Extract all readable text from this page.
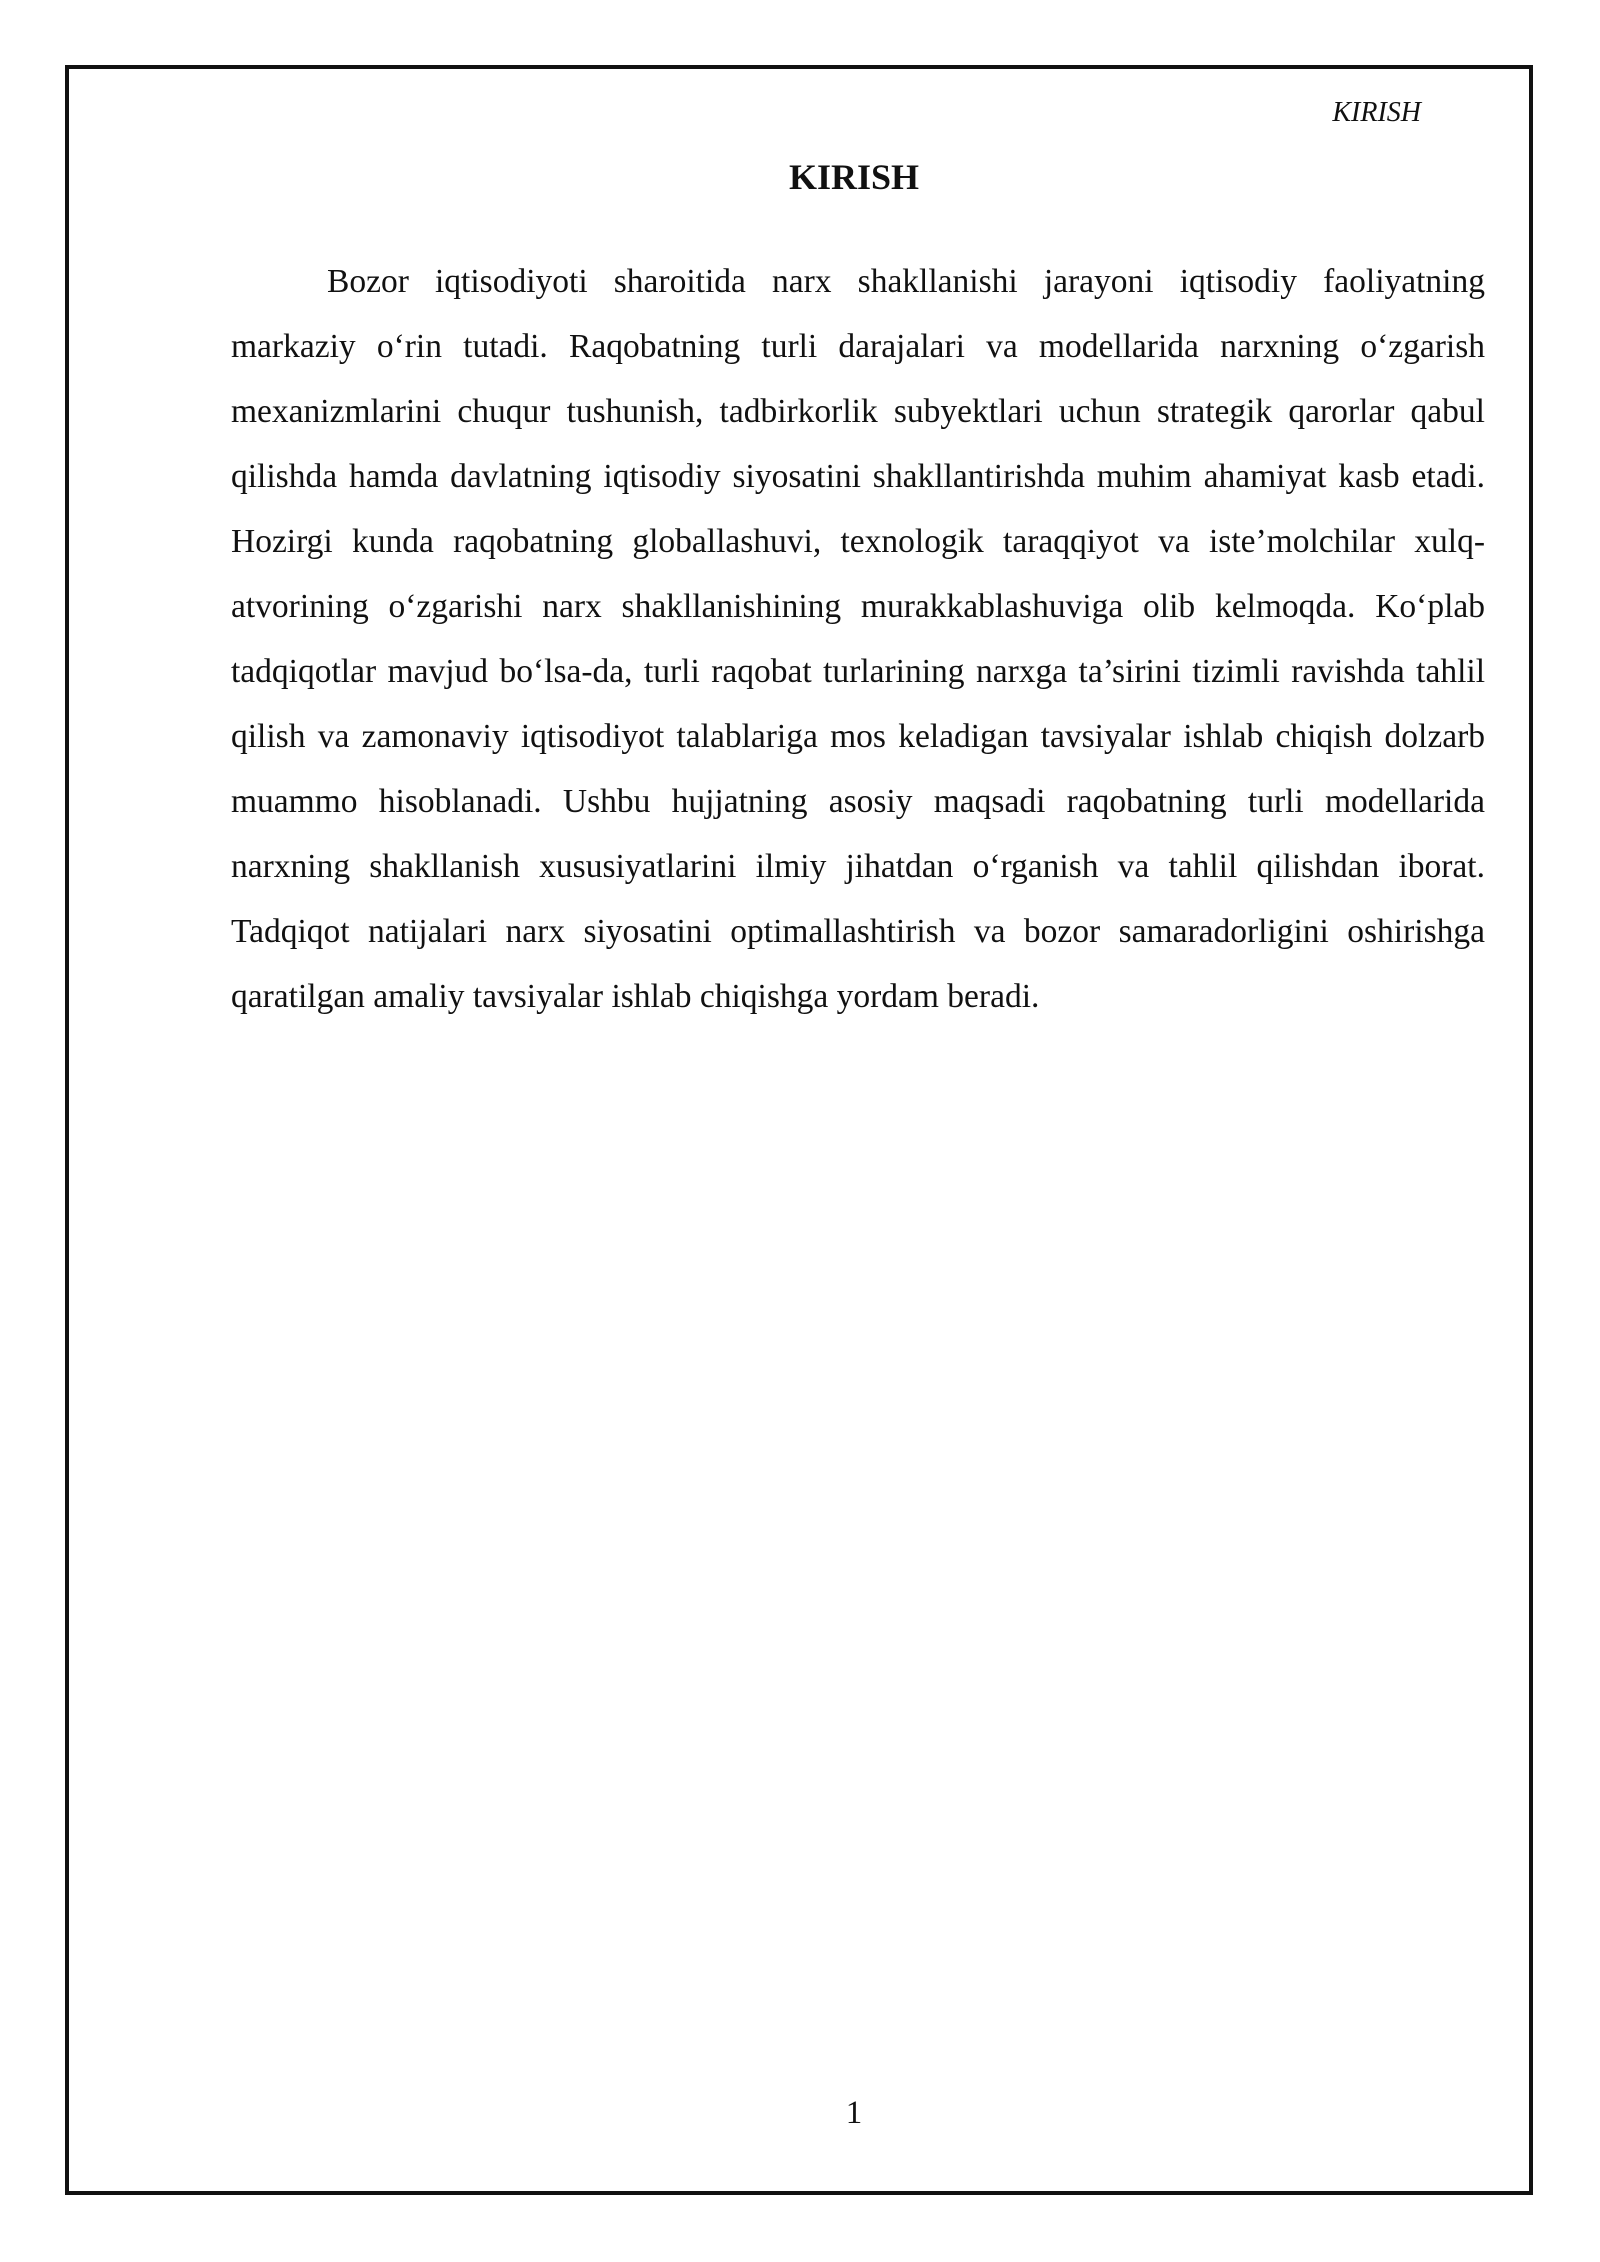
KIRISH
KIRISH

Bozor iqtisodiyoti sharoitida narx shakllanishi jarayoni iqtisodiy faoliyatning markaziy o‘rin tutadi. Raqobatning turli darajalari va modellarida narxning o‘zgarish mexanizmlarini chuqur tushunish, tadbirkorlik subyektlari uchun strategik qarorlar qabul qilishda hamda davlatning iqtisodiy siyosatini shakllantirishda muhim ahamiyat kasb etadi. Hozirgi kunda raqobatning globallashuvi, texnologik taraqqiyot va iste’molchilar xulq-atvorining o‘zgarishi narx shakllanishining murakkablashuviga olib kelmoqda. Ko‘plab tadqiqotlar mavjud bo‘lsa-da, turli raqobat turlarining narxga ta’sirini tizimli ravishda tahlil qilish va zamonaviy iqtisodiyot talablariga mos keladigan tavsiyalar ishlab chiqish dolzarb muammo hisoblanadi. Ushbu hujjatning asosiy maqsadi raqobatning turli modellarida narxning shakllanish xususiyatlarini ilmiy jihatdan o‘rganish va tahlil qilishdan iborat. Tadqiqot natijalari narx siyosatini optimallashtirish va bozor samaradorligini oshirishga qaratilgan amaliy tavsiyalar ishlab chiqishga yordam beradi.

1
